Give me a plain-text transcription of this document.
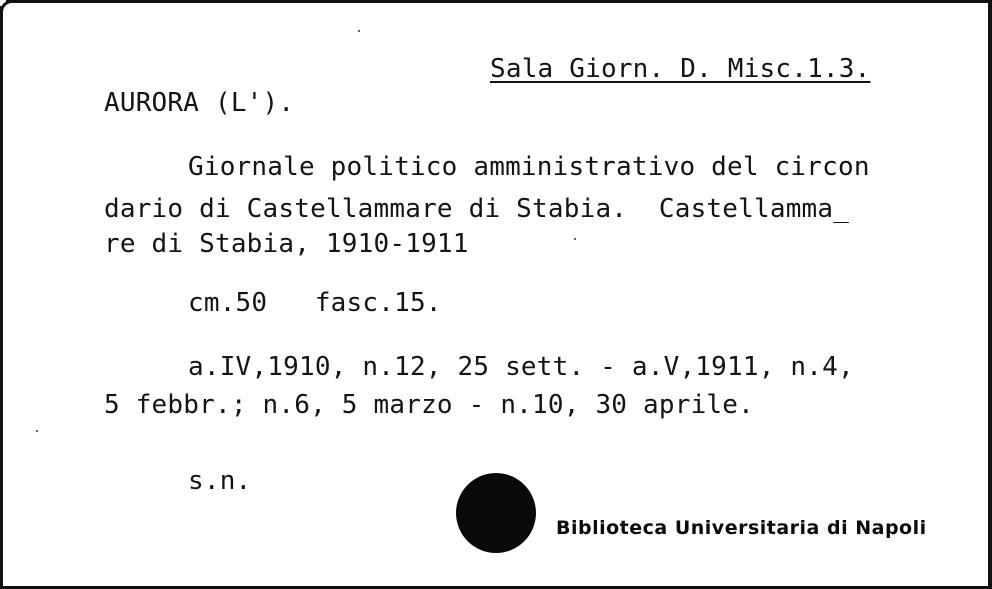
Sala Giorn. D. Misc.1.3.
AURORA (L').
Giornale politico amministrativo del circon
dario di Castellammare di Stabia.  Castellamma_
re di Stabia, 1910-1911
cm.50   fasc.15.
a.IV,1910, n.12, 25 sett. - a.V,1911, n.4,
5 febbr.; n.6, 5 marzo - n.10, 30 aprile.
s.n.
Biblioteca Universitaria di Napoli
